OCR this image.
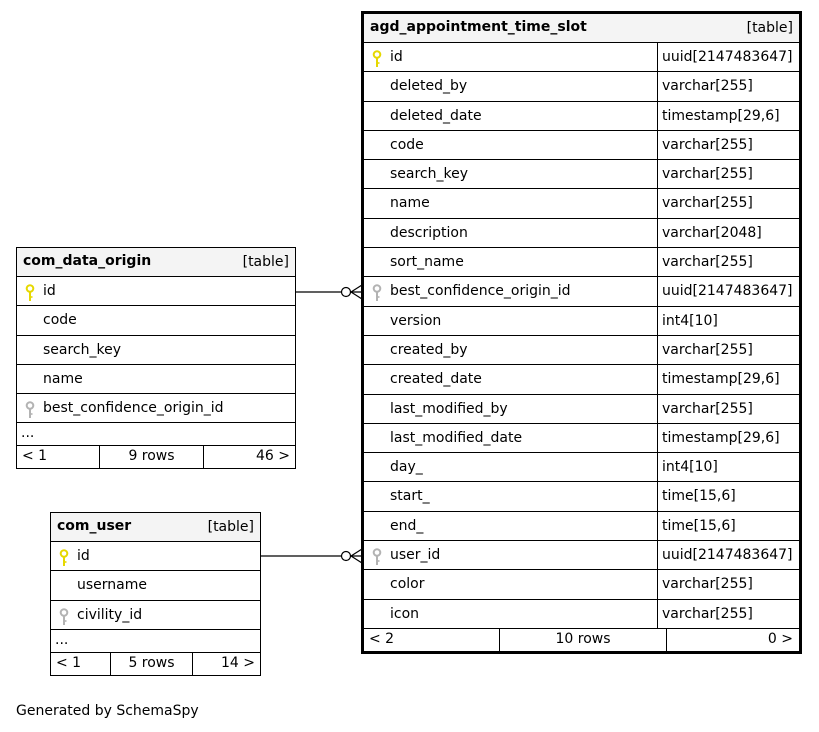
agd_appointment_time_slot	[table]
id	uuid[2147483647]
deleted_by	varchar[255]
deleted_date	timestamp[29,6]
code	varchar[255]
search_key	varchar[255]
name	varchar[255]
description	varchar[2048]
sort_name	varchar[255]
best_confidence_origin_id	uuid[2147483647]
version	int4[10]
created_by	varchar[255]
created_date	timestamp[29,6]
last_modified_by	varchar[255]
last_modified_date	timestamp[29,6]
day_	int4[10]
start_	time[15,6]
end_	time[15,6]
user_id	uuid[2147483647]
color	varchar[255]
icon	varchar[255]
< 2	10 rows	0 >
com_data_origin	[table]
id
code
search_key
name
best_confidence_origin_id
...
< 1	9 rows	46 >
com_user	[table]
id
username
civility_id
...
< 1	5 rows	14 >
Generated by SchemaSpy
